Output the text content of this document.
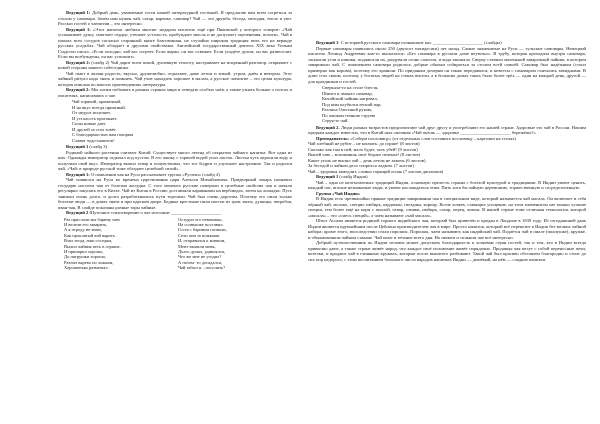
Ведущий 1: Добрый день, уважаемые гости нашей литературной гостиной. Я предлагаю вам всем согреться за столом у самовара. Зачем нам нужен чай, сахар, варенье, самовар? Чай — это дружба, беседа, мелодия, тепло и уют. Рассказ гостей о чаепитии – это интересно.

Ведущий 1: «Этот напиток любили многие: недаром писатель ещё при Пиковской у которого говорит: «Чай успокаивает душу, смягчает сердце, утешает усталость, пробуждает мысль и не допускает оцепенения, похоти». Чай в пиалах всех сосудов согласно старинной книге благовонная, не случайно широкая традиция пить его на веранде русских усадьбах. Чай обладает и другими свойствами. Английский государственный деятель XIX века Уильям Гладстон писал: «Если холодно, чай вас согреет. Если жарко, он вас освежит. Если упадёте духом, он вас развеселит. Если вы возбуждены, он вас успокоит».

Ведущий 2: (слайд 2) Чай дарит всем покой, душевную теплоту, настраивает на искренний разговор, открывает с новой стороны нашего собеседника.

Чай пьют в жизни радость, вкусно, дружелюбно, отдыхают, даже летом и зимой, утром, днём и вечером. Этот чайный ритуал надо знать и помнить. Чай учит находить хорошее в малом, а русское чаепитие – это целая культура, которая описана во многих произведениях литературы.

Ведущий 2: Мы хотим побывать в разных странах мира и отведать особых чаёв, а также узнать больше о поэтах и писателях, написавших о чае.

Чай горячий, ароматный,
И на вкус всегда приятный.
От недуга исцеляет,
И усталость прогоняет.
Силы новые дает
И друзей за стол зовёт.
С благодарностью вам говорим
Славят чудо-напиток!

Ведущий 1 (слайд 3)

Родиной чайного растения считают Китай. Существует много легенд об открытии чайного напитка. Вот одна из них. Однажды император отдыхал под кустом. В его чашку с горячей водой упал листок. Листья чуть окрасили воду и получили свой вкус. Император выпил отвар и почувствовал, что тот бодрит и улучшает настроение. Так и родился чай. «Чай: в природе русской тоже обладает целебной силой».

Ведущий 1: О появлении чая на Руси рассказывает группа «Русичи» (слайд 4)

Чай появился на Руси во времена царствования царя Алексея Михайловича. Придворный лекарь назначил государю настоем чая от болезни желудка. С того момента русские поверили в целебные свойства чая и начали регулярно закупать его в Китае. Чай из Китая в Россию доставляли караванами на верблюдах, затем на лошадях. Путь занимал очень долго, и долго разрабатывались пути торговли. Чай был очень дорогим. Поэтому его пили только богатые люди — в домах знати и при царском дворе. Бедные крестьяне пили настои из трав: мяты, душицы, зверобоя, иван-чая. В слайде показаны разные тары чайные.

Ведущий 2 Шуточное стихотворение о чае исполнит ______________________

Раз прислали мы барину чаю
И велели его заварить,
А я отроду не знаю,
Как проклятый чай варить.
Взял тогда, наш соседям,
Вылил чайник весь в горшок.
И припарил хорошо,
До патрушки хорошо,
Разлил варево по ложкам,
Хорошенько размешал.
Остудил его немножко,
На солнышке поставил.
Гостя с барином позвали,
Сели они за ножками.
И, отправился к ковшом,
Мент выпили меня,
Долго думал, удивлялся,
Что же мне не угодил?
А потом- то догадался,
Чай забыл я…посолить?

Ведущий 1: С историей русского самовара познакомит нас ______________________ (слайды)

Первые самовары появились около 250 (двухсот пятидесяти) лет назад. Самые знаменитые на Руси — тульские самовары. Немецкий писатель Леонид Андреевич как-то высказался: «Без самовара в русском доме неуютно». В трубу, которая проходила внутри самовара, засыпали угли и шишки, поджигали их, раздували огонь сапогом, и вода закипала. Сверху ставили маленький заварочный чайник, в котором заваривали чай. С появлением самовара родилось добрые обычаи собираться за столом всей семьёй. Самовар был надёжным (стоил примерно как корова), поэтому его хранили. По приданым дочерям он также передавался, и невесты с самоваром считались завидными. В доме стал своим, поэтому у богатых людей на стенах висели, а в больших домах таких было более трёх — один на каждый день, другой — для праздников и гостей.

Сверкала-то на столе блестя,
Шипел и чмокал самовар,
Китайский чайник нагревал,
Под ним клубился легкий пар,
Разлила Ольгиной рукою,
По чашкам темною струею
Струя-то чай.

Ведущий 2. Люди разных возрастов предпочитают чай друг другу и употребляют его нашей стране. Здоровые это чай в России. Нашим предкам каждое известно, что в Китай шла смешная «Чай пьёшь — здоровье ______________________ бережёшь?»

Преподаватель: «Собери пословицу» (от отдельных слов составить пословицу – карточки на столах)

Чай хлебный не рубит – не кончать: до горше! (8 листов)
Сколько чая там в пей, мало будет, хоть убей! (9 листов)
Выпей чаю – вспомнишь своё бедное печенье! (8 листов)
Какое уголь не выпил чай – день летом не зажечь (6 листов)
За беседой и чайком дело спорится ладком. (7 листов)
Чай – здоровья замедлит, словно горящий огонь (7 листов дипломов)

Ведущий 1 (слайд Индия)

Чай – одна из неотъемлемых традиций Индии, основную прелесть страны с богатой культурой и традициями. В Индии умеют ценить, каждый час, вполне незнакомые люди, и умеют наслаждаться этим. Пить хотя бы чайную церемонию, торжественную и сосредоточенную.

Группа «Чай Индии»

В Индии есть чрезвычайно пряные традиции заваривания чая в специальном виде, который называется чай масала. Он включает в себя чёрный чай, молоко, специи: имбирь, кардамон, гвоздика, корицу. Возле хозяев, ставящих угощение, на этом знаменитом чае можно лучшие специи, тем более ещё на корм с пиалой, отвар, сливки, имбирь, сахар, перец, лимон. В нашей стране тоже отличная технология, которой «масала» – это «смесь специй», а чаем называют «чай масала».

Шпот Ассама является родиной горного индийского чая, который был привезён и продан в Лондоне в 1839 году. Из сегодняшней дань Индии является крупнейшим после Цейлона производителем чая в мире. Просто напиток, который всё перевозит в Индии без мелких чайной набора; кроме этого, впоследствии стали порошок. Порошок, чаем называют, как индийский чай. Подаётся чай в пиале (пиалушке), кружке, и обыкновенном чайном стакане. Чай пьют в течение всего дня. На свежем и сильном чае всё интересно.

Добрый путешественник по Индии человек может допускать благодарность к хозяевам стран гостей, так и тем, кто в Индии всегда привычно дают, а также стране живёт народ, что каждое своё положение живёт порядочно. Продавцы чая несут с собой переносные печи, котелки, и продают чай в глиняных кружках, которые после выпитого разбивают. Такой чай был красиво обставлен благородно и стоит до сих пор недорого, с этим воспитанием большого числа народов напитков Индии — дешёвый, на нём — сладкие напитки.
